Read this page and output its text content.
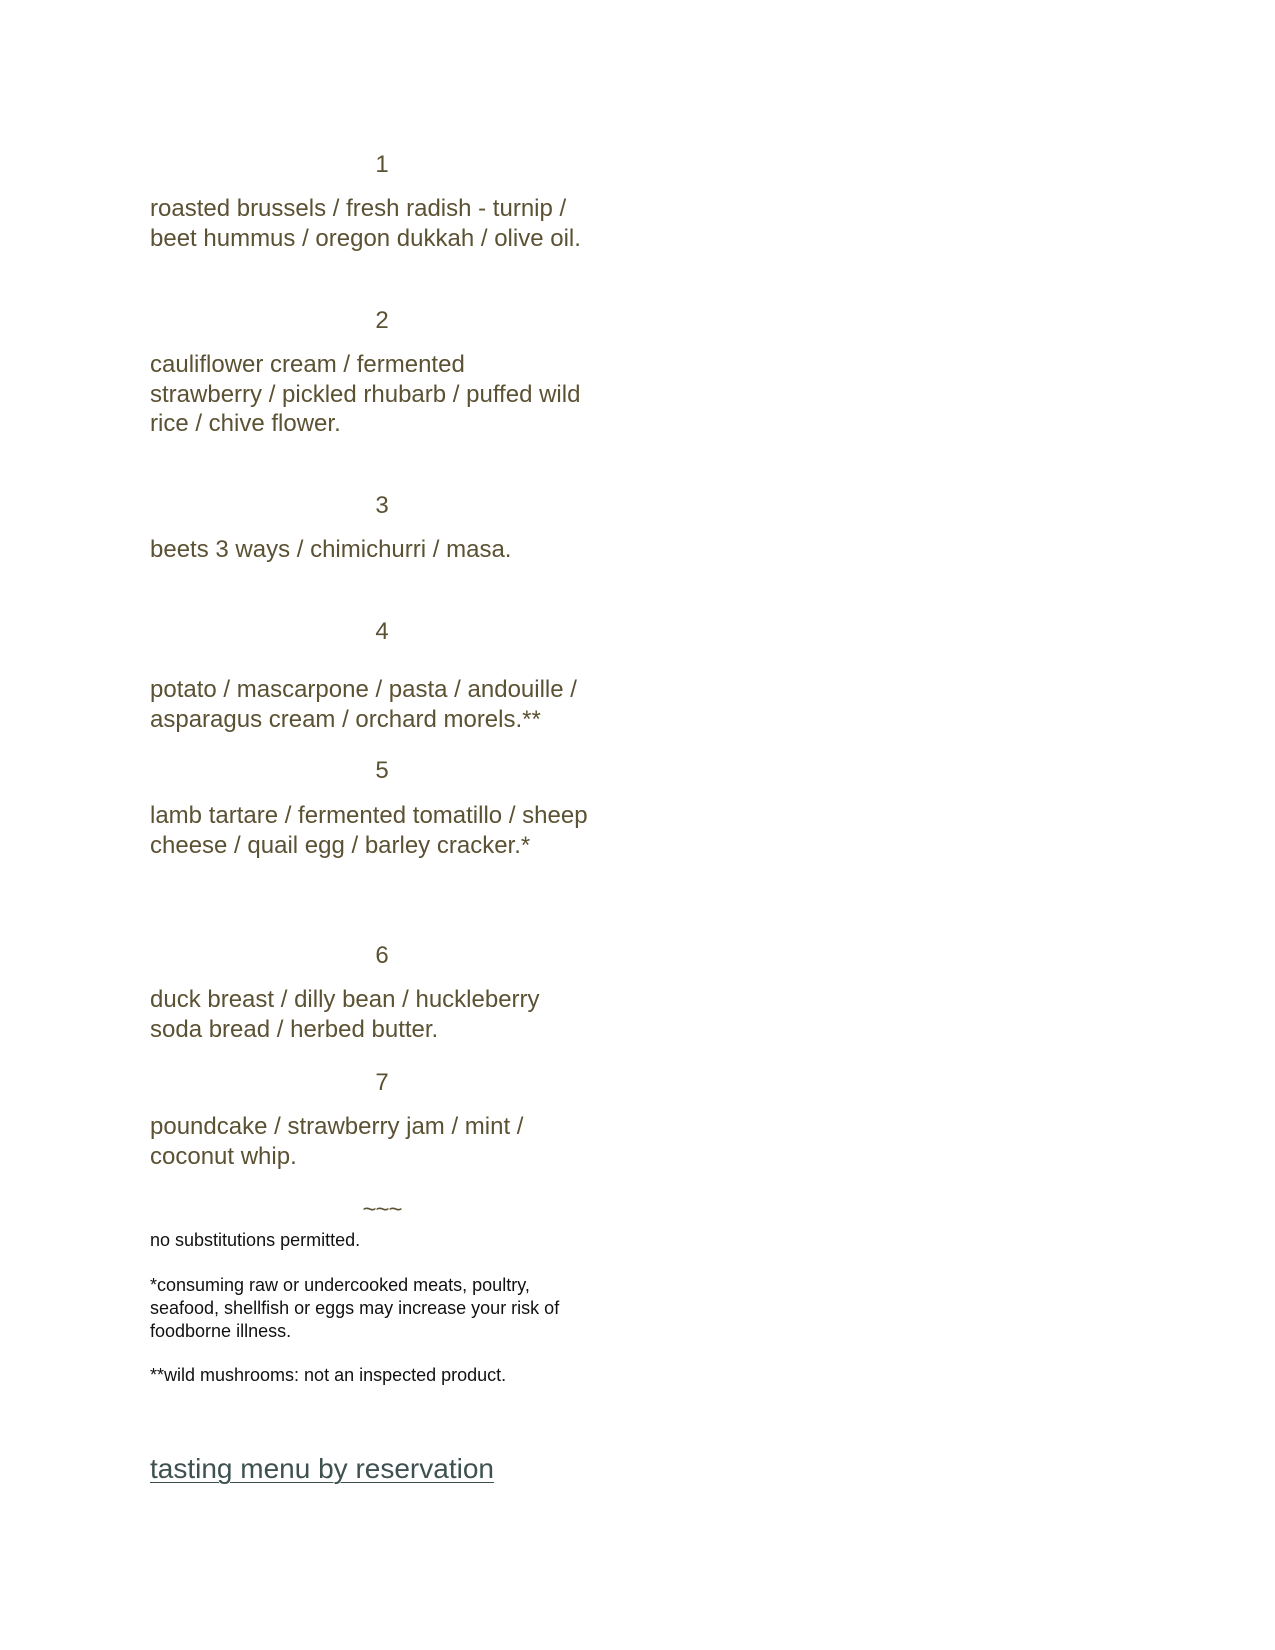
1
roasted brussels / fresh radish - turnip /
beet hummus / oregon dukkah / olive oil.
2
cauliflower cream / fermented
strawberry / pickled rhubarb / puffed wild
rice / chive flower.
3
beets 3 ways / chimichurri / masa.
4
potato / mascarpone / pasta / andouille /
asparagus cream / orchard morels.**
5
lamb tartare / fermented tomatillo / sheep
cheese / quail egg / barley cracker.*
6
duck breast / dilly bean / huckleberry
soda bread / herbed butter.
7
poundcake / strawberry jam / mint /
coconut whip.
~~~
no substitutions permitted.
*consuming raw or undercooked meats, poultry,
seafood, shellfish or eggs may increase your risk of
foodborne illness.
**wild mushrooms: not an inspected product.
tasting menu by reservation
